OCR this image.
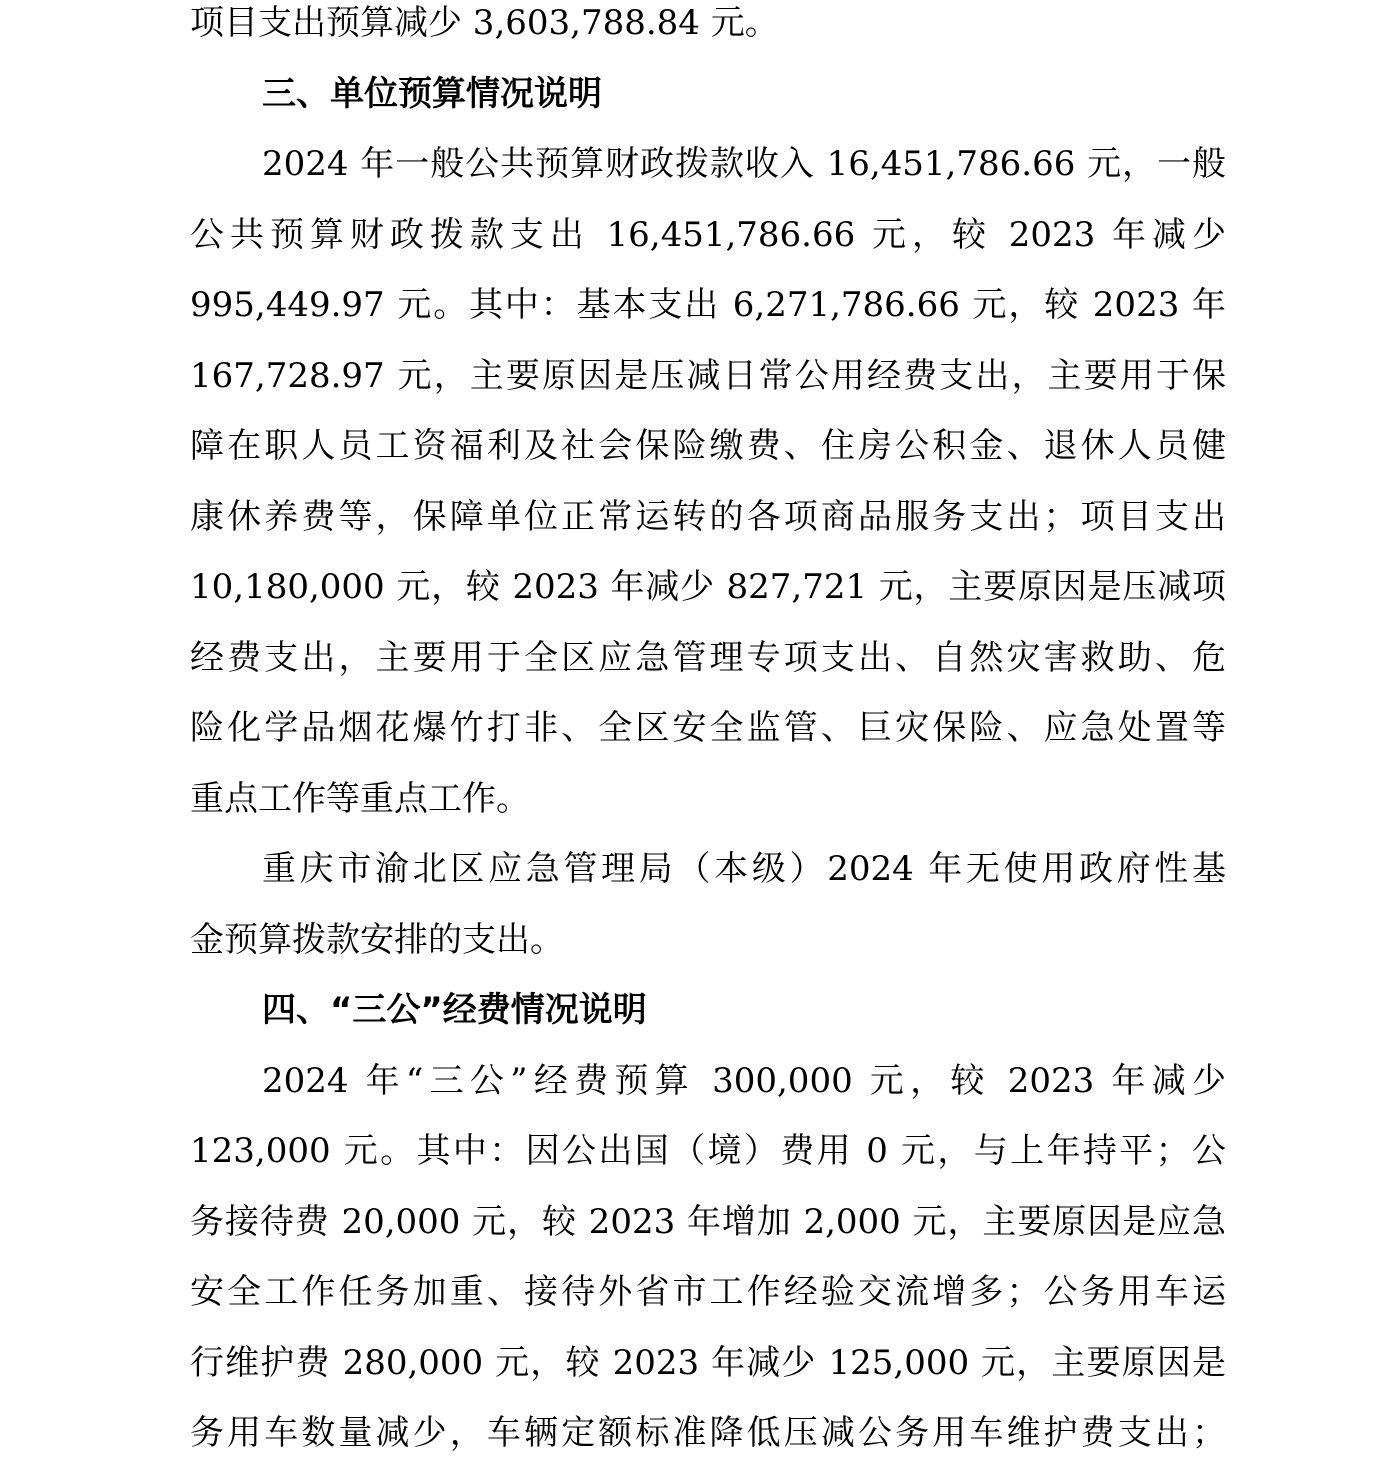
项目支出预算减少 3,603,788.84 元。
三、单位预算情况说明
2024 年一般公共预算财政拨款收入 16,451,786.66 元，一般
公共预算财政拨款支出 16,451,786.66 元，较 2023 年减少
995,449.97 元。其中：基本支出 6,271,786.66 元，较 2023 年
167,728.97 元，主要原因是压减日常公用经费支出，主要用于保
障在职人员工资福利及社会保险缴费、住房公积金、退休人员健
康休养费等，保障单位正常运转的各项商品服务支出；项目支出
10,180,000 元，较 2023 年减少 827,721 元，主要原因是压减项
经费支出，主要用于全区应急管理专项支出、自然灾害救助、危
险化学品烟花爆竹打非、全区安全监管、巨灾保险、应急处置等
重点工作等重点工作。
重庆市渝北区应急管理局（本级）2024 年无使用政府性基
金预算拨款安排的支出。
四、“三公”经费情况说明
2024 年“三公”经费预算 300,000 元，较 2023 年减少
123,000 元。其中：因公出国（境）费用 0 元，与上年持平；公
务接待费 20,000 元，较 2023 年增加 2,000 元，主要原因是应急
安全工作任务加重、接待外省市工作经验交流增多；公务用车运
行维护费 280,000 元，较 2023 年减少 125,000 元，主要原因是
务用车数量减少，车辆定额标准降低压减公务用车维护费支出；
